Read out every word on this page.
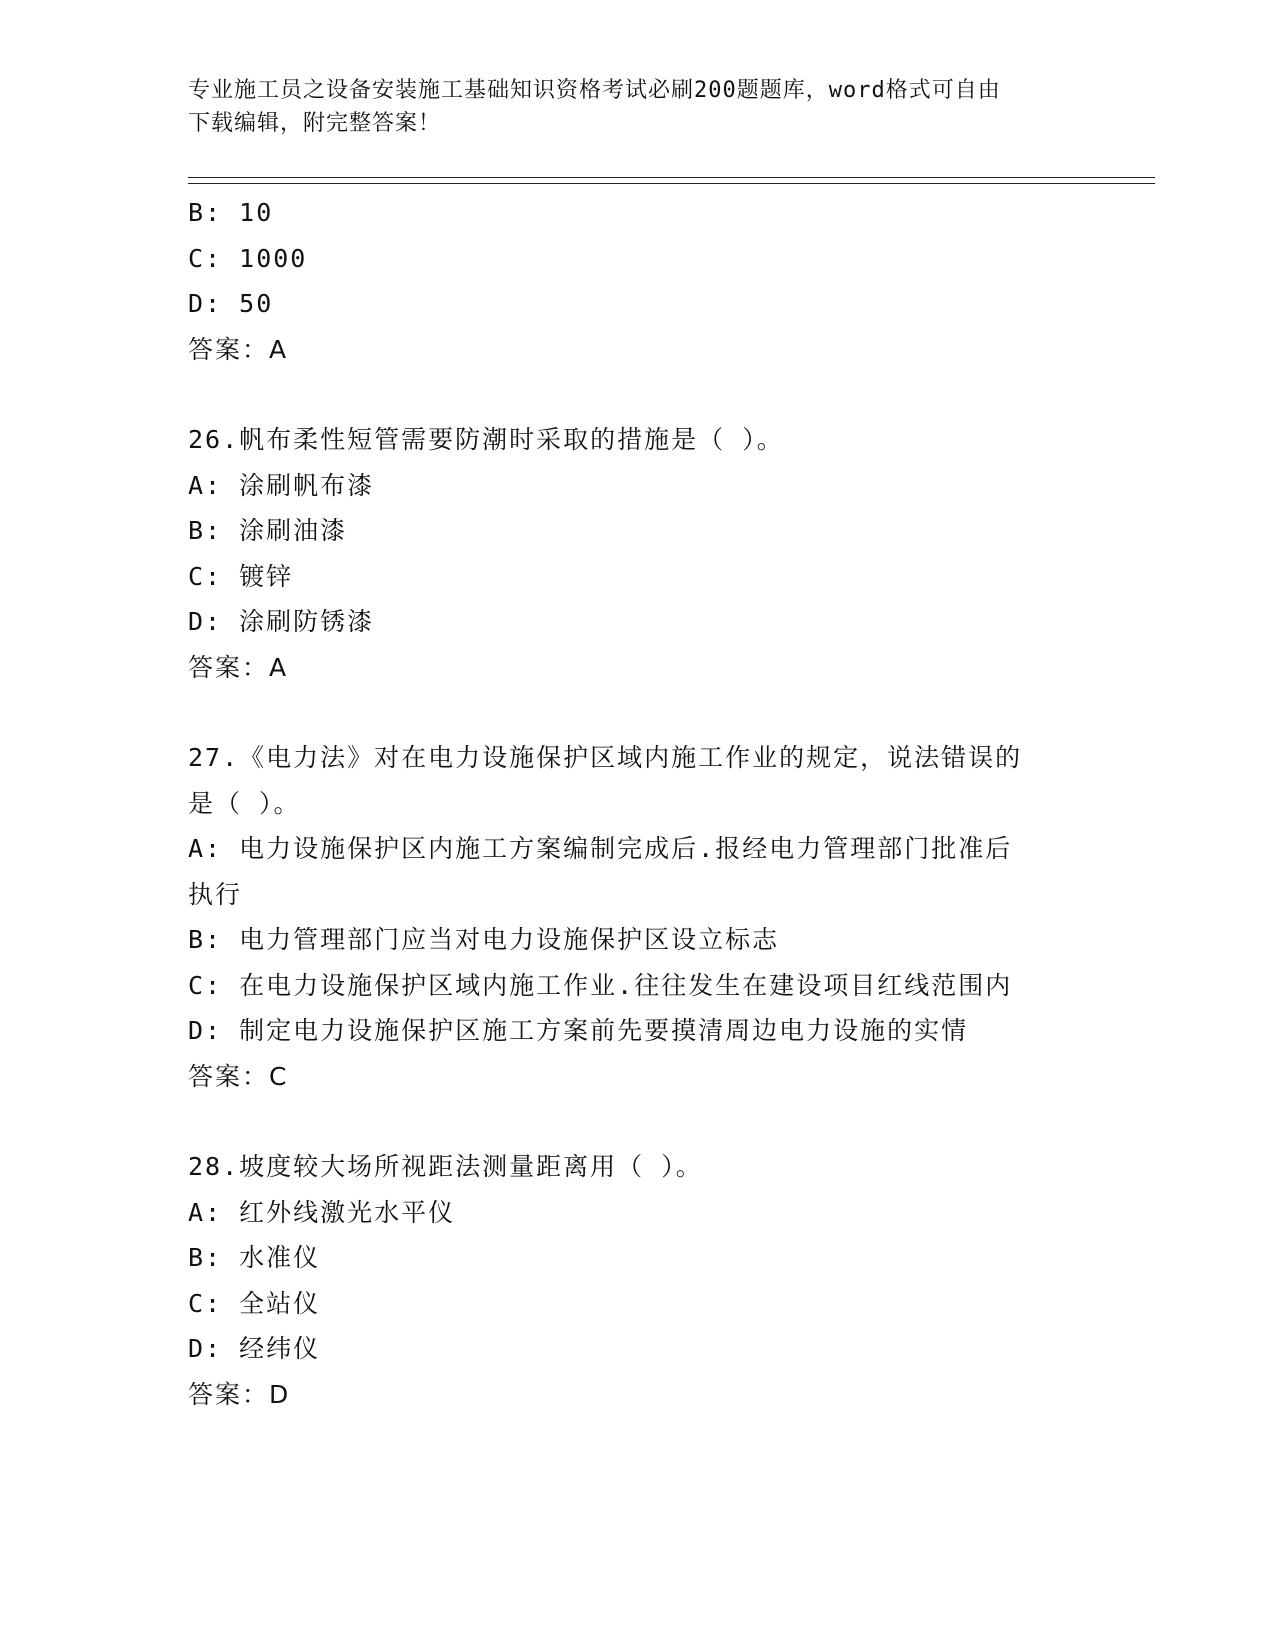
专业施工员之设备安装施工基础知识资格考试必刷200题题库，word格式可自由
下载编辑，附完整答案！
B: 10
C: 1000
D: 50
答案：A
26.帆布柔性短管需要防潮时采取的措施是（ ）。
A: 涂刷帆布漆
B: 涂刷油漆
C: 镀锌
D: 涂刷防锈漆
答案：A
27.《电力法》对在电力设施保护区域内施工作业的规定，说法错误的
是（ ）。
A: 电力设施保护区内施工方案编制完成后.报经电力管理部门批准后
执行
B: 电力管理部门应当对电力设施保护区设立标志
C: 在电力设施保护区域内施工作业.往往发生在建设项目红线范围内
D: 制定电力设施保护区施工方案前先要摸清周边电力设施的实情
答案：C
28.坡度较大场所视距法测量距离用（ ）。
A: 红外线激光水平仪
B: 水准仪
C: 全站仪
D: 经纬仪
答案：D
